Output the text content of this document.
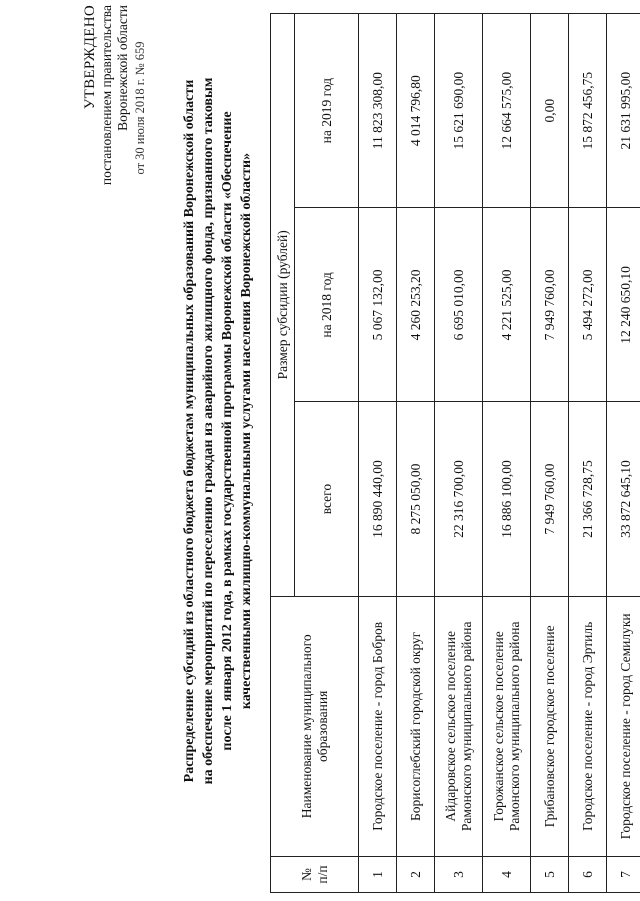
УТВЕРЖДЕНО постановлением правительства Воронежской области от 30 июля 2018 г. № 659	Распределение субсидий из областного бюджета бюджетам муниципальных образований Воронежской области на обеспечение мероприятий по переселению граждан из аварийного жилищного фонда, признанного таковым после 1 января 2012 года, в рамках государственной программы Воронежской области «Обеспечение качественными жилищно-коммунальными услугами населения Воронежской области»
№ п/п	Наименование муниципального образования	Размер субсидии (рублей)		
		всего	на 2018 год	на 2019 год
1	Городское поселение - город Бобров	16 890 440,00	5 067 132,00	11 823 308,00
2	Борисоглебский городской округ	8 275 050,00	4 260 253,20	4 014 796,80
3	Айдаровское сельское поселение Рамонского муниципального района	22 316 700,00	6 695 010,00	15 621 690,00
4	Горожанское сельское поселение Рамонского муниципального района	16 886 100,00	4 221 525,00	12 664 575,00
5	Грибановское городское поселение	7 949 760,00	7 949 760,00	0,00
6	Городское поселение - город Эртиль	21 366 728,75	5 494 272,00	15 872 456,75
7	Городское поселение - город Семилуки	33 872 645,10	12 240 650,10	21 631 995,00
